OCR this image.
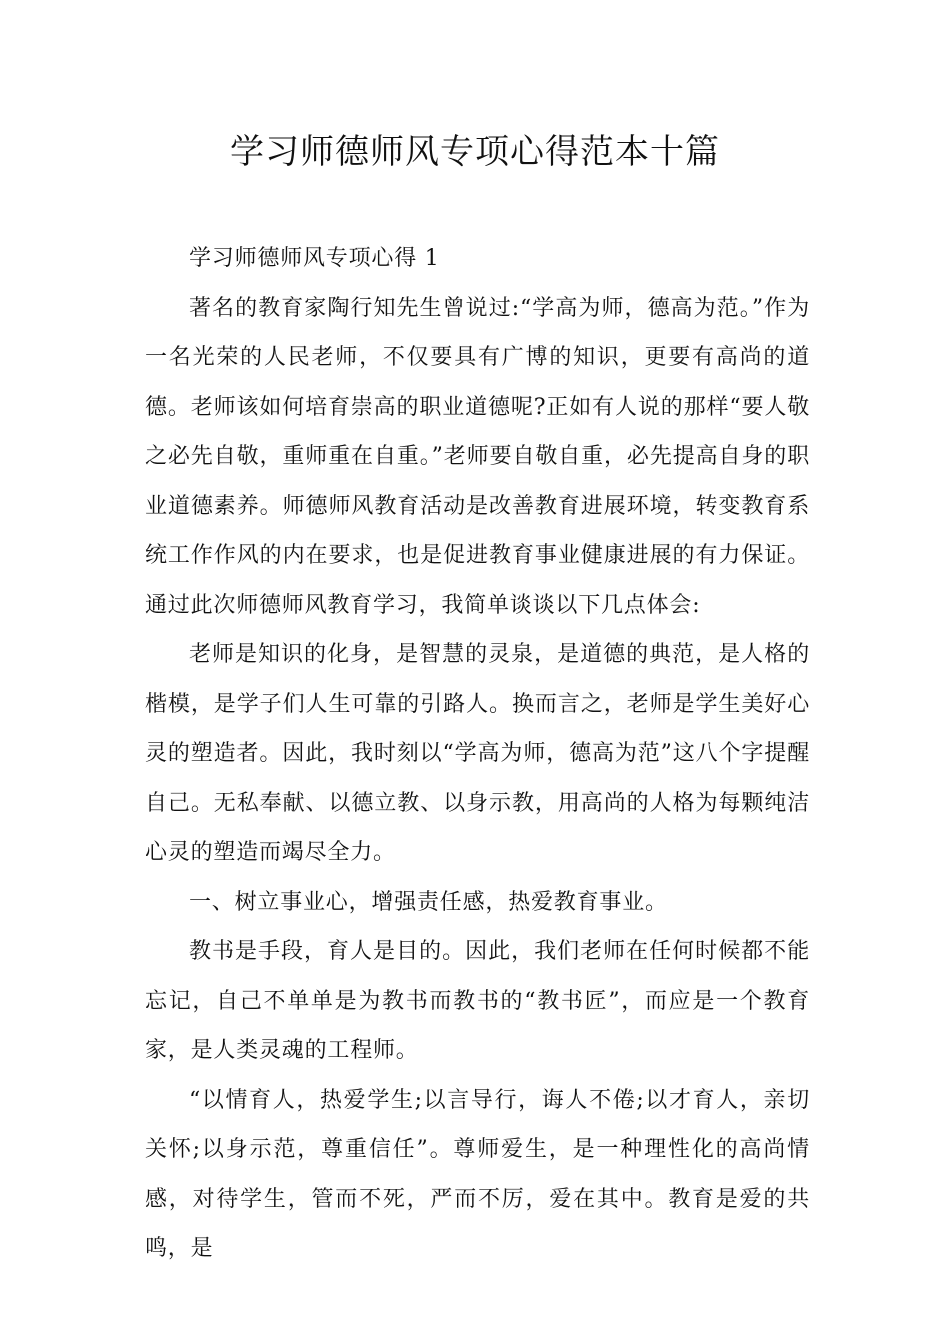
学习师德师风专项心得范本十篇

学习师德师风专项心得 1

著名的教育家陶行知先生曾说过:“学高为师，德高为范。”作为一名光荣的人民老师，不仅要具有广博的知识，更要有高尚的道德。老师该如何培育崇高的职业道德呢?正如有人说的那样“要人敬之必先自敬，重师重在自重。”老师要自敬自重，必先提高自身的职业道德素养。师德师风教育活动是改善教育进展环境，转变教育系统工作作风的内在要求，也是促进教育事业健康进展的有力保证。通过此次师德师风教育学习，我简单谈谈以下几点体会:

老师是知识的化身，是智慧的灵泉，是道德的典范，是人格的楷模，是学子们人生可靠的引路人。换而言之，老师是学生美好心灵的塑造者。因此，我时刻以“学高为师，德高为范”这八个字提醒自己。无私奉献、以德立教、以身示教，用高尚的人格为每颗纯洁心灵的塑造而竭尽全力。

一、树立事业心，增强责任感，热爱教育事业。

教书是手段，育人是目的。因此，我们老师在任何时候都不能忘记，自己不单单是为教书而教书的“教书匠”，而应是一个教育家，是人类灵魂的工程师。

“以情育人，热爱学生;以言导行，诲人不倦;以才育人，亲切关怀;以身示范，尊重信任”。尊师爱生，是一种理性化的高尚情感，对待学生，管而不死，严而不厉，爱在其中。教育是爱的共鸣，是
